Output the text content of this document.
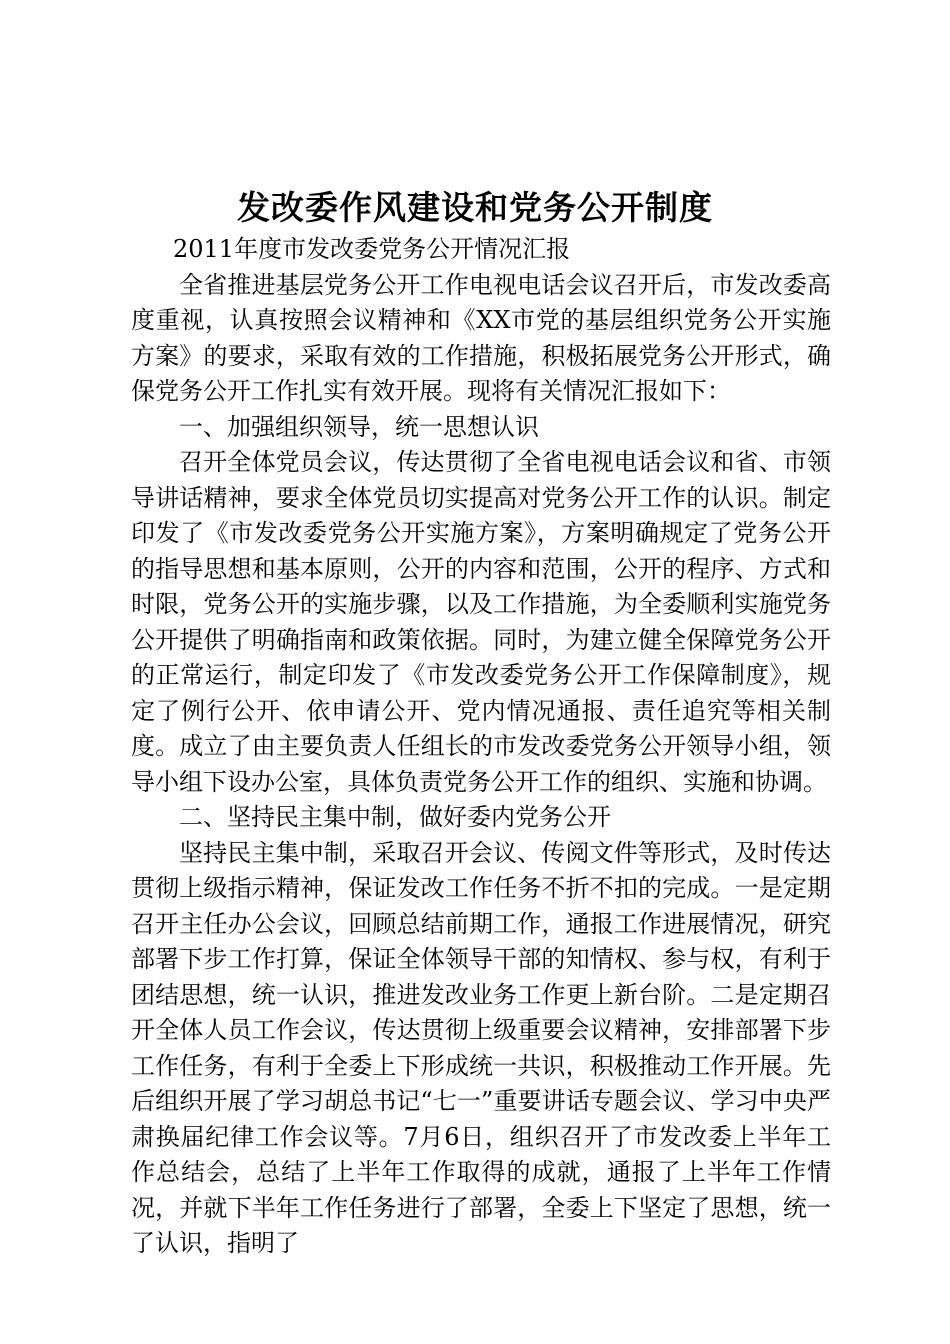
发改委作风建设和党务公开制度

2011年度市发改委党务公开情况汇报

全省推进基层党务公开工作电视电话会议召开后，市发改委高度重视，认真按照会议精神和《XX市党的基层组织党务公开实施方案》的要求，采取有效的工作措施，积极拓展党务公开形式，确保党务公开工作扎实有效开展。现将有关情况汇报如下：

一、加强组织领导，统一思想认识

召开全体党员会议，传达贯彻了全省电视电话会议和省、市领导讲话精神，要求全体党员切实提高对党务公开工作的认识。制定印发了《市发改委党务公开实施方案》，方案明确规定了党务公开的指导思想和基本原则，公开的内容和范围，公开的程序、方式和时限，党务公开的实施步骤，以及工作措施，为全委顺利实施党务公开提供了明确指南和政策依据。同时，为建立健全保障党务公开的正常运行，制定印发了《市发改委党务公开工作保障制度》，规定了例行公开、依申请公开、党内情况通报、责任追究等相关制度。成立了由主要负责人任组长的市发改委党务公开领导小组，领导小组下设办公室，具体负责党务公开工作的组织、实施和协调。

二、坚持民主集中制，做好委内党务公开

坚持民主集中制，采取召开会议、传阅文件等形式，及时传达贯彻上级指示精神，保证发改工作任务不折不扣的完成。一是定期召开主任办公会议，回顾总结前期工作，通报工作进展情况，研究部署下步工作打算，保证全体领导干部的知情权、参与权，有利于团结思想，统一认识，推进发改业务工作更上新台阶。二是定期召开全体人员工作会议，传达贯彻上级重要会议精神，安排部署下步工作任务，有利于全委上下形成统一共识，积极推动工作开展。先后组织开展了学习胡总书记“七一”重要讲话专题会议、学习中央严肃换届纪律工作会议等。7月6日，组织召开了市发改委上半年工作总结会，总结了上半年工作取得的成就，通报了上半年工作情况，并就下半年工作任务进行了部署，全委上下坚定了思想，统一了认识，指明了
